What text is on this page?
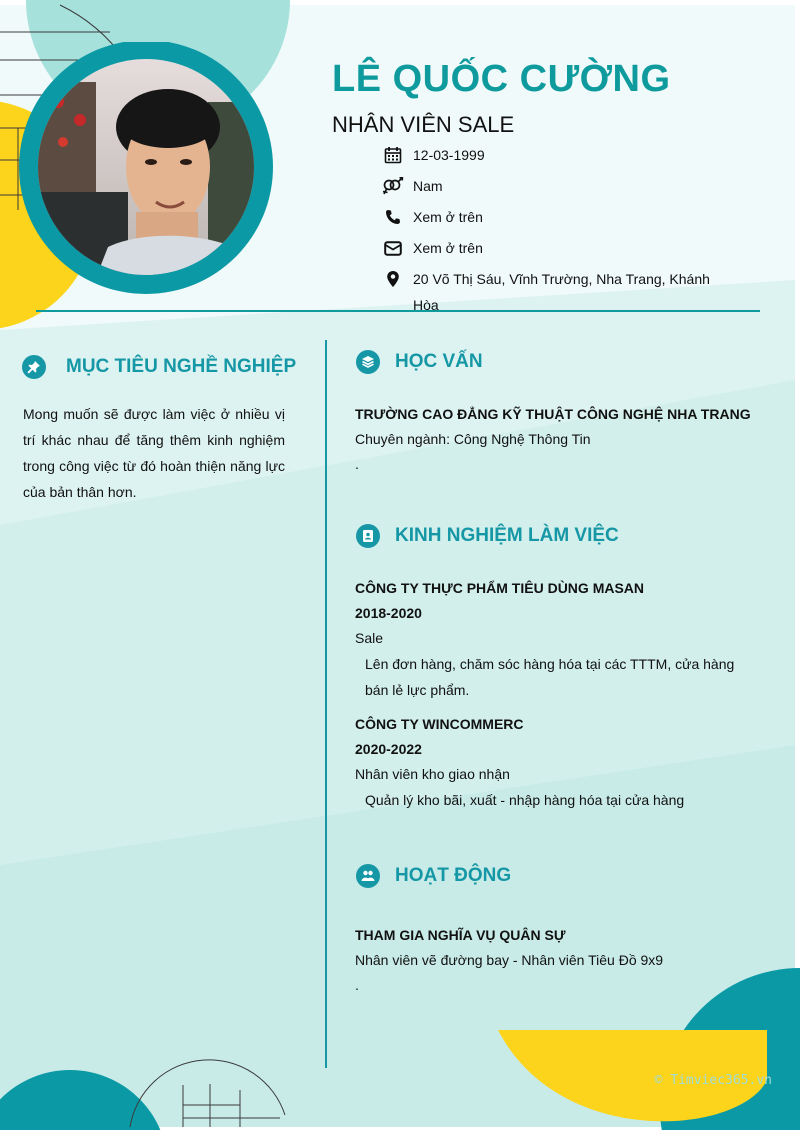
LÊ QUỐC CƯỜNG
NHÂN VIÊN SALE
12-03-1999
Nam
Xem ở trên
Xem ở trên
20 Võ Thị Sáu, Vĩnh Trường, Nha Trang, Khánh Hòa
MỤC TIÊU NGHỀ NGHIỆP
Mong muốn sẽ được làm việc ở nhiều vị trí khác nhau để tăng thêm kinh nghiệm trong công việc từ đó hoàn thiện năng lực của bản thân hơn.
HỌC VẤN
TRƯỜNG CAO ĐẲNG KỸ THUẬT CÔNG NGHỆ NHA TRANG
Chuyên ngành: Công Nghệ Thông Tin
.
KINH NGHIỆM LÀM VIỆC
CÔNG TY THỰC PHẨM TIÊU DÙNG MASAN
2018-2020
Sale
Lên đơn hàng, chăm sóc hàng hóa tại các TTTM, cửa hàng bán lẻ lực phẩm.
CÔNG TY WINCOMMERC
2020-2022
Nhân viên kho giao nhận
Quản lý kho bãi, xuất - nhập hàng hóa tại cửa hàng
HOẠT ĐỘNG
THAM GIA NGHĨA VỤ QUÂN SỰ
Nhân viên vẽ đường bay - Nhân viên Tiêu Đồ 9x9
.
© Timviec365.vn
